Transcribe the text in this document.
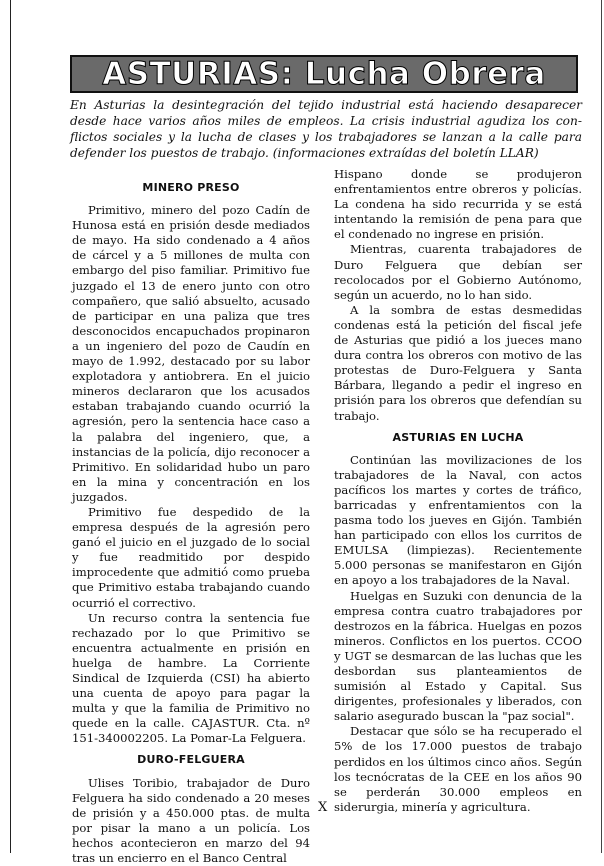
ASTURIAS: Lucha Obrera
En Asturias la desintegración del tejido industrial está haciendo desaparecer desde hace varios años miles de empleos. La crisis industrial agudiza los con- flictos sociales y la lucha de clases y los trabajadores se lanzan a la calle para defender los puestos de trabajo. (informaciones extraídas del boletín LLAR)
MINERO PRESO

Primitivo, minero del pozo Cadín de Hunosa está en prisión desde mediados de mayo. Ha sido condenado a 4 años de cárcel y a 5 millones de multa con embargo del piso familiar. Primitivo fue juzgado el 13 de enero junto con otro compañero, que salió absuelto, acusado de participar en una paliza que tres desconocidos encapuchados propinaron a un ingeniero del pozo de Caudín en mayo de 1.992, destacado por su labor explotadora y antiobrera. En el juicio mineros declararon que los acusados estaban trabajando cuando ocurrió la agresión, pero la sentencia hace caso a la palabra del ingeniero, que, a instancias de la policía, dijo reconocer a Primitivo. En solidaridad hubo un paro en la mina y concentración en los juzgados.

Primitivo fue despedido de la empresa después de la agresión pero ganó el juicio en el juzgado de lo social y fue readmitido por despido improcedente que admitió como prueba que Primitivo estaba trabajando cuando ocurrió el correctivo.

Un recurso contra la sentencia fue rechazado por lo que Primitivo se encuentra actualmente en prisión en huelga de hambre. La Corriente Sindical de Izquierda (CSI) ha abierto una cuenta de apoyo para pagar la multa y que la familia de Primitivo no quede en la calle. CAJASTUR. Cta. nº 151-340002205. La Pomar-La Felguera.

DURO-FELGUERA

Ulises Toribio, trabajador de Duro Felguera ha sido condenado a 20 meses de prisión y a 450.000 ptas. de multa por pisar la mano a un policía. Los hechos acontecieron en marzo del 94 tras un encierro en el Banco Central

Hispano donde se produjeron enfrentamientos entre obreros y policías. La condena ha sido recurrida y se está intentando la remisión de pena para que el condenado no ingrese en prisión.

Mientras, cuarenta trabajadores de Duro Felguera que debían ser recolocados por el Gobierno Autónomo, según un acuerdo, no lo han sido.

A la sombra de estas desmedidas condenas está la petición del fiscal jefe de Asturias que pidió a los jueces mano dura contra los obreros con motivo de las protestas de Duro-Felguera y Santa Bárbara, llegando a pedir el ingreso en prisión para los obreros que defendían su trabajo.

ASTURIAS EN LUCHA

Continúan las movilizaciones de los trabajadores de la Naval, con actos pacíficos los martes y cortes de tráfico, barricadas y enfrentamientos con la pasma todo los jueves en Gijón. También han participado con ellos los curritos de EMULSA (limpiezas). Recientemente 5.000 personas se manifestaron en Gijón en apoyo a los trabajadores de la Naval.

Huelgas en Suzuki con denuncia de la empresa contra cuatro trabajadores por destrozos en la fábrica. Huelgas en pozos mineros. Conflictos en los puertos. CCOO y UGT se desmarcan de las luchas que les desbordan sus planteamientos de sumisión al Estado y Capital. Sus dirigentes, profesionales y liberados, con salario asegurado buscan la "paz social".

Destacar que sólo se ha recuperado el 5% de los 17.000 puestos de trabajo perdidos en los últimos cinco años. Según los tecnócratas de la CEE en los años 90 se perderán 30.000 empleos en siderurgia, minería y agricultura.

X
